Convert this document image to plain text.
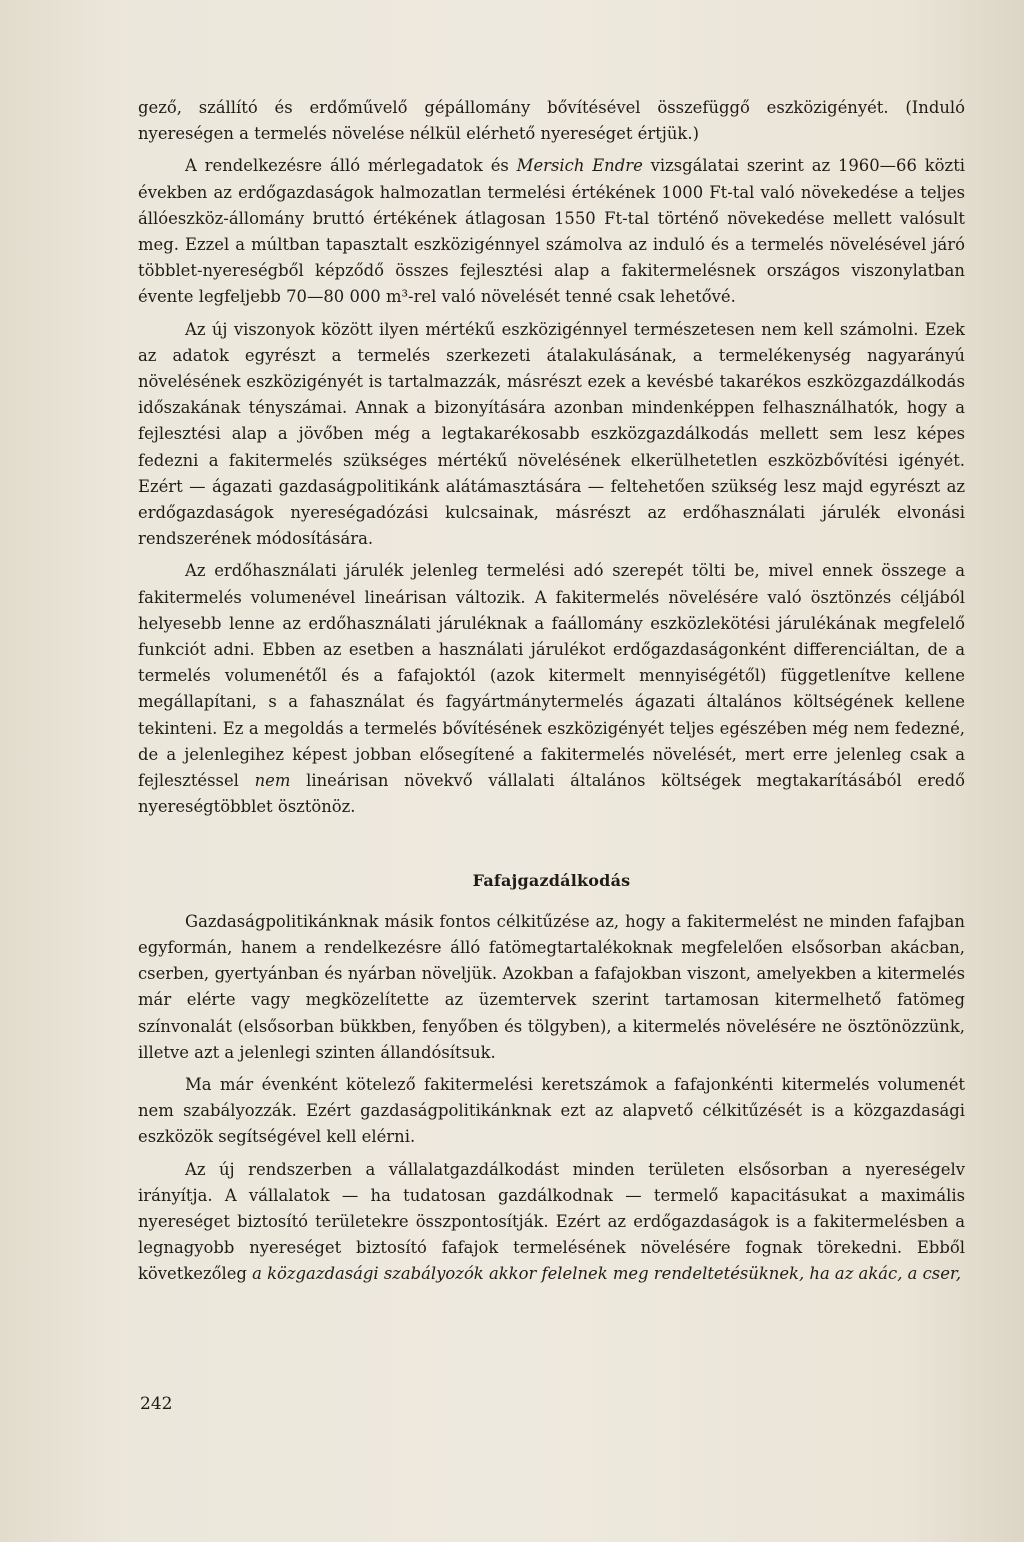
gező, szállító és erdőművelő gépállomány bővítésével összefüggő eszközigényét. (Induló nyereségen a termelés növelése nélkül elérhető nyereséget értjük.)

A rendelkezésre álló mérlegadatok és Mersich Endre vizsgálatai szerint az 1960—66 közti években az erdőgazdaságok halmozatlan termelési értékének 1000 Ft-tal való növekedése a teljes állóeszköz-állomány bruttó értékének átlagosan 1550 Ft-tal történő növekedése mellett valósult meg. Ezzel a múltban tapasztalt eszközigénnyel számolva az induló és a termelés növelésével járó többlet-nyereségből képződő összes fejlesztési alap a fakitermelésnek országos viszonylatban évente legfeljebb 70—80 000 m³-rel való növelését tenné csak lehetővé.

Az új viszonyok között ilyen mértékű eszközigénnyel természetesen nem kell számolni. Ezek az adatok egyrészt a termelés szerkezeti átalakulásának, a termelékenység nagyarányú növelésének eszközigényét is tartalmazzák, másrészt ezek a kevésbé takarékos eszközgazdálkodás időszakának tényszámai. Annak a bizonyítására azonban mindenképpen felhasználhatók, hogy a fejlesztési alap a jövőben még a legtakarékosabb eszközgazdálkodás mellett sem lesz képes fedezni a fakitermelés szükséges mértékű növelésének elkerülhetetlen eszközbővítési igényét. Ezért — ágazati gazdaságpolitikánk alátámasztására — feltehetően szükség lesz majd egyrészt az erdőgazdaságok nyereségadózási kulcsainak, másrészt az erdőhasználati járulék elvonási rendszerének módosítására.

Az erdőhasználati járulék jelenleg termelési adó szerepét tölti be, mivel ennek összege a fakitermelés volumenével lineárisan változik. A fakitermelés növelésére való ösztönzés céljából helyesebb lenne az erdőhasználati járuléknak a faállomány eszközlekötési járulékának megfelelő funkciót adni. Ebben az esetben a használati járulékot erdőgazdaságonként differenciáltan, de a termelés volumenétől és a fafajoktól (azok kitermelt mennyiségétől) függetlenítve kellene megállapítani, s a fahasználat és fagyártmánytermelés ágazati általános költségének kellene tekinteni. Ez a megoldás a termelés bővítésének eszközigényét teljes egészében még nem fedezné, de a jelenlegihez képest jobban elősegítené a fakitermelés növelését, mert erre jelenleg csak a fejlesztéssel nem lineárisan növekvő vállalati általános költségek megtakarításából eredő nyereségtöbblet ösztönöz.

Fafajgazdálkodás

Gazdaságpolitikánknak másik fontos célkitűzése az, hogy a fakitermelést ne minden fafajban egyformán, hanem a rendelkezésre álló fatömegtartalékoknak megfelelően elsősorban akácban, cserben, gyertyánban és nyárban növeljük. Azokban a fafajokban viszont, amelyekben a kitermelés már elérte vagy megközelítette az üzemtervek szerint tartamosan kitermelhető fatömeg színvonalát (elsősorban bükkben, fenyőben és tölgyben), a kitermelés növelésére ne ösztönözzünk, illetve azt a jelenlegi szinten állandósítsuk.

Ma már évenként kötelező fakitermelési keretszámok a fafajonkénti kitermelés volumenét nem szabályozzák. Ezért gazdaságpolitikánknak ezt az alapvető célkitűzését is a közgazdasági eszközök segítségével kell elérni.

Az új rendszerben a vállalatgazdálkodást minden területen elsősorban a nyereségelv irányítja. A vállalatok — ha tudatosan gazdálkodnak — termelő kapacitásukat a maximális nyereséget biztosító területekre összpontosítják. Ezért az erdőgazdaságok is a fakitermelésben a legnagyobb nyereséget biztosító fafajok termelésének növelésére fognak törekedni. Ebből következőleg a közgazdasági szabályozók akkor felelnek meg rendeltetésüknek, ha az akác, a cser,

242
